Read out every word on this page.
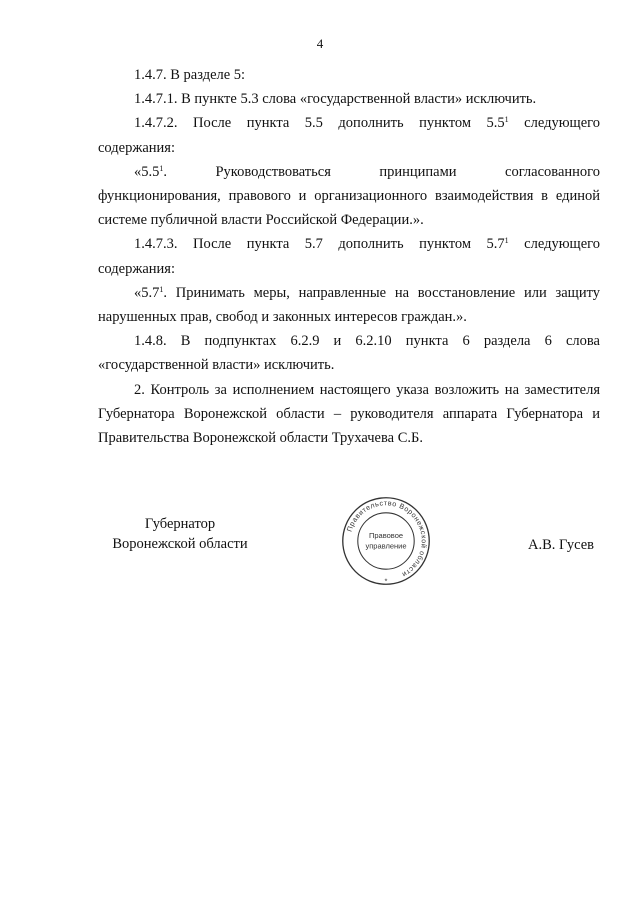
4

1.4.7. В разделе 5:

1.4.7.1. В пункте 5.3 слова «государственной власти» исключить.

1.4.7.2. После пункта 5.5 дополнить пунктом $5.5^1$ следующего

содержания:

«$5.5^1$. Руководствоваться принципами согласованного

функционирования, правового и организационного взаимодействия в единой системе публичной власти Российской Федерации.».

1.4.7.3. После пункта 5.7 дополнить пунктом $5.7^1$ следующего

содержания:

«$5.7^1$. Принимать меры, направленные на восстановление или защиту нарушенных прав, свобод и законных интересов граждан.».

1.4.8. В подпунктах 6.2.9 и 6.2.10 пункта 6 раздела 6 слова «государственной власти» исключить.

2. Контроль за исполнением настоящего указа возложить на заместителя Губернатора Воронежской области – руководителя аппарата Губернатора и Правительства Воронежской области Трухачева С.Б.

Губернатор
Воронежской области
Правительство Воронежской области
Правовое
управление
*
А.В. Гусев
